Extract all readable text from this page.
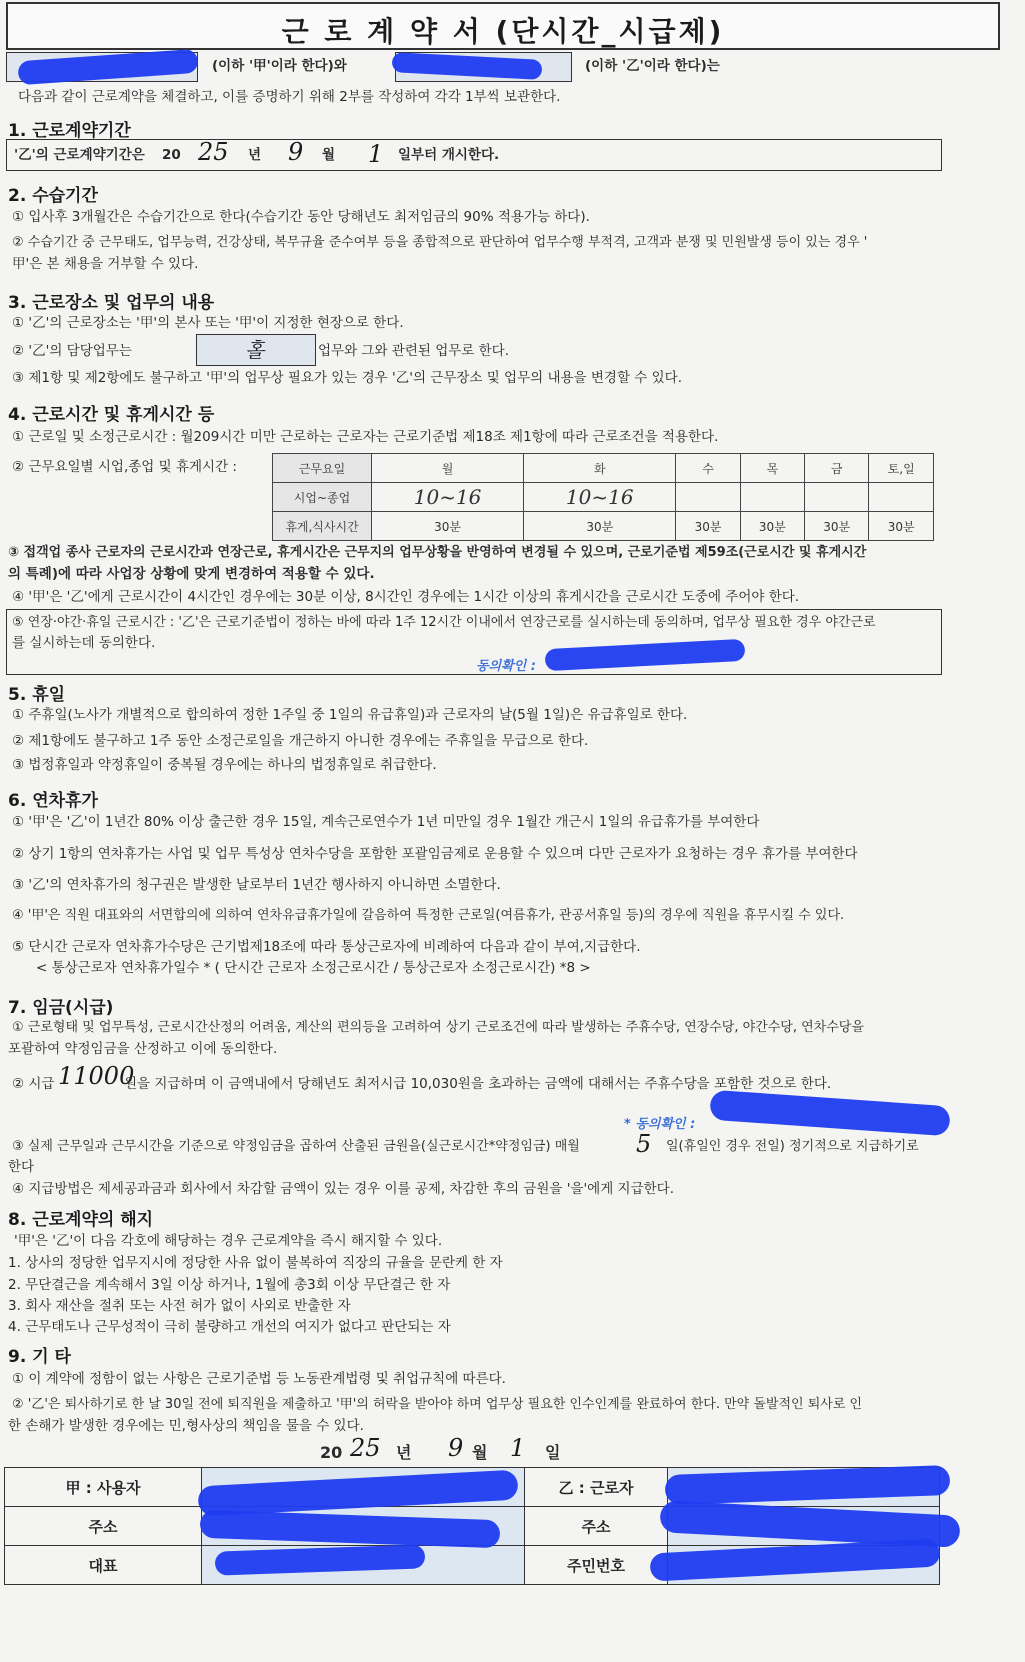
근 로 계 약 서 (단시간_시급제)
(이하 '甲'이라 한다)와	(이하 '乙'이라 한다)는
다음과 같이 근로계약을 체결하고, 이를 증명하기 위해 2부를 작성하여 각각 1부씩 보관한다.
1. 근로계약기간
'乙'의 근로계약기간은 20 25 년 9 월 1 일부터 개시한다.
2. 수습기간
① 입사후 3개월간은 수습기간으로 한다(수습기간 동안 당해년도 최저임금의 90% 적용가능 하다).
② 수습기간 중 근무태도, 업무능력, 건강상태, 복무규율 준수여부 등을 종합적으로 판단하여 업무수행 부적격, 고객과 분쟁 및 민원발생 등이 있는 경우 '
甲'은 본 채용을 거부할 수 있다.
3. 근로장소 및 업무의 내용
① '乙'의 근로장소는 '甲'의 본사 또는 '甲'이 지정한 현장으로 한다.
② '乙'의 담당업무는	홀	업무와 그와 관련된 업무로 한다.
③ 제1항 및 제2항에도 불구하고 '甲'의 업무상 필요가 있는 경우 '乙'의 근무장소 및 업무의 내용을 변경할 수 있다.
4. 근로시간 및 휴게시간 등
① 근로일 및 소정근로시간 : 월209시간 미만 근로하는 근로자는 근로기준법 제18조 제1항에 따라 근로조건을 적용한다.
② 근무요일별 시업,종업 및 휴게시간 :	근무요일	월	화	수	목	금	토,일
시업~종업	10~16	10~16				
휴게,식사시간	30분	30분	30분	30분	30분	30분
③ 접객업 종사 근로자의 근로시간과 연장근로, 휴게시간은 근무지의 업무상황을 반영하여 변경될 수 있으며, 근로기준법 제59조(근로시간 및 휴게시간
의 특례)에 따라 사업장 상황에 맞게 변경하여 적용할 수 있다.
④ '甲'은 '乙'에게 근로시간이 4시간인 경우에는 30분 이상, 8시간인 경우에는 1시간 이상의 휴게시간을 근로시간 도중에 주어야 한다.
⑤ 연장·야간·휴일 근로시간 : '乙'은 근로기준법이 정하는 바에 따라 1주 12시간 이내에서 연장근로를 실시하는데 동의하며, 업무상 필요한 경우 야간근로
를 실시하는데 동의한다.
동의확인 :
5. 휴일
① 주휴일(노사가 개별적으로 합의하여 정한 1주일 중 1일의 유급휴일)과 근로자의 날(5월 1일)은 유급휴일로 한다.
② 제1항에도 불구하고 1주 동안 소정근로일을 개근하지 아니한 경우에는 주휴일을 무급으로 한다.
③ 법정휴일과 약정휴일이 중복될 경우에는 하나의 법정휴일로 취급한다.
6. 연차휴가
① '甲'은 '乙'이 1년간 80% 이상 출근한 경우 15일, 계속근로연수가 1년 미만일 경우 1월간 개근시 1일의 유급휴가를 부여한다
② 상기 1항의 연차휴가는 사업 및 업무 특성상 연차수당을 포함한 포괄임금제로 운용할 수 있으며 다만 근로자가 요청하는 경우 휴가를 부여한다
③ '乙'의 연차휴가의 청구권은 발생한 날로부터 1년간 행사하지 아니하면 소멸한다.
④ '甲'은 직원 대표와의 서면합의에 의하여 연차유급휴가일에 갈음하여 특정한 근로일(여름휴가, 관공서휴일 등)의 경우에 직원을 휴무시킬 수 있다.
⑤ 단시간 근로자 연차휴가수당은 근기법제18조에 따라 통상근로자에 비례하여 다음과 같이 부여,지급한다.
< 통상근로자 연차휴가일수 * ( 단시간 근로자 소정근로시간 / 통상근로자 소정근로시간) *8 >
7. 임금(시급)
① 근로형태 및 업무특성, 근로시간산정의 어려움, 계산의 편의등을 고려하여 상기 근로조건에 따라 발생하는 주휴수당, 연장수당, 야간수당, 연차수당을
포괄하여 약정임금을 산정하고 이에 동의한다.
② 시급 11000
원을 지급하며 이 금액내에서 당해년도 최저시급 10,030원을 초과하는 금액에 대해서는 주휴수당을 포함한 것으로 한다.
* 동의확인 :
③ 실제 근무일과 근무시간을 기준으로 약정임금을 곱하여 산출된 금원을(실근로시간*약정임금) 매월 5 일(휴일인 경우 전일) 정기적으로 지급하기로
한다
④ 지급방법은 제세공과금과 회사에서 차감할 금액이 있는 경우 이를 공제, 차감한 후의 금원을 '을'에게 지급한다.
8. 근로계약의 해지
'甲'은 '乙'이 다음 각호에 해당하는 경우 근로계약을 즉시 해지할 수 있다.
1. 상사의 정당한 업무지시에 정당한 사유 없이 불복하여 직장의 규율을 문란케 한 자
2. 무단결근을 계속해서 3일 이상 하거나, 1월에 총3회 이상 무단결근 한 자
3. 회사 재산을 절취 또는 사전 허가 없이 사외로 반출한 자
4. 근무태도나 근무성적이 극히 불량하고 개선의 여지가 없다고 판단되는 자
9. 기 타
① 이 계약에 정함이 없는 사항은 근로기준법 등 노동관계법령 및 취업규칙에 따른다.
② '乙'은 퇴사하기로 한 날 30일 전에 퇴직원을 제출하고 '甲'의 허락을 받아야 하며 업무상 필요한 인수인계를 완료하여 한다. 만약 돌발적인 퇴사로 인
한 손해가 발생한 경우에는 민,형사상의 책임을 물을 수 있다.
20 25 년 9 월 1 일
甲 : 사용자		乙 : 근로자	
주소		주소	
대표		주민번호	
